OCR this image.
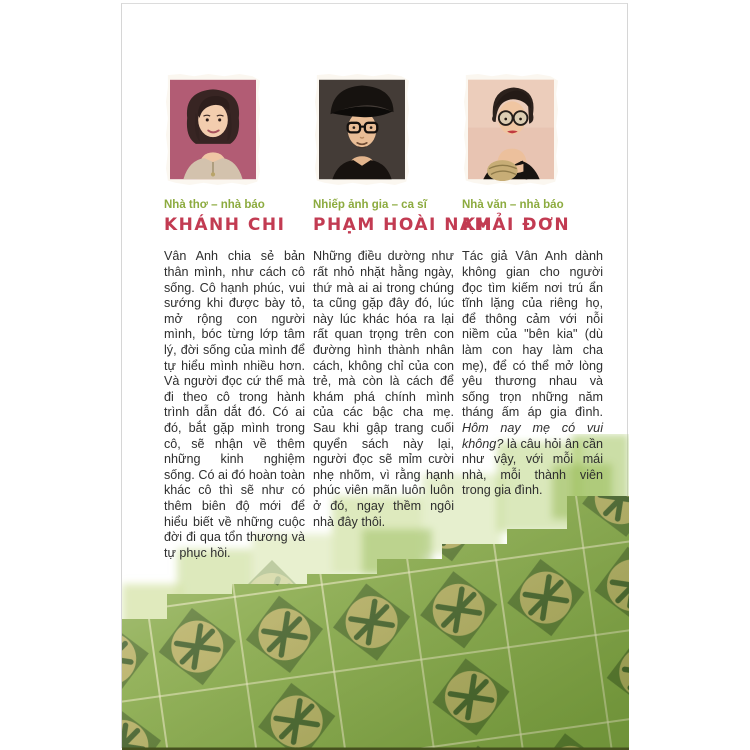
Nhà thơ – nhà báo
KHÁNH CHI
Vân Anh chia sẻ bản thân mình, như cách cô sống. Cô hạnh phúc, vui sướng khi được bày tỏ, mở rộng con người mình, bóc từng lớp tâm lý, đời sống của mình để tự hiểu mình nhiều hơn. Và người đọc cứ thế mà đi theo cô trong hành trình dẫn dắt đó. Có ai đó, bắt gặp mình trong cô, sẽ nhận về thêm những kinh nghiệm sống. Có ai đó hoàn toàn khác cô thì sẽ như có thêm biên độ mới để hiểu biết về những cuộc đời đi qua tổn thương và tự phục hồi.
Nhiếp ảnh gia – ca sĩ
PHẠM HOÀI NAM
Những điều dường như rất nhỏ nhặt hằng ngày, thứ mà ai ai trong chúng ta cũng gặp đây đó, lúc này lúc khác hóa ra lại rất quan trọng trên con đường hình thành nhân cách, không chỉ của con trẻ, mà còn là cách để khám phá chính mình của các bậc cha mẹ. Sau khi gập trang cuối quyển sách này lại, người đọc sẽ mỉm cười nhẹ nhõm, vì rằng hạnh phúc viên mãn luôn luôn ở đó, ngay thềm ngôi nhà đây thôi.
Nhà văn – nhà báo
KHẢI ĐƠN
Tác giả Vân Anh dành không gian cho người đọc tìm kiếm nơi trú ẩn tĩnh lặng của riêng họ, để thông cảm với nỗi niềm của "bên kia" (dù làm con hay làm cha mẹ), để có thể mở lòng yêu thương nhau và sống trọn những năm tháng ấm áp gia đình. Hôm nay mẹ có vui không? là câu hỏi ân cần như vậy, với mỗi mái nhà, mỗi thành viên trong gia đình.
